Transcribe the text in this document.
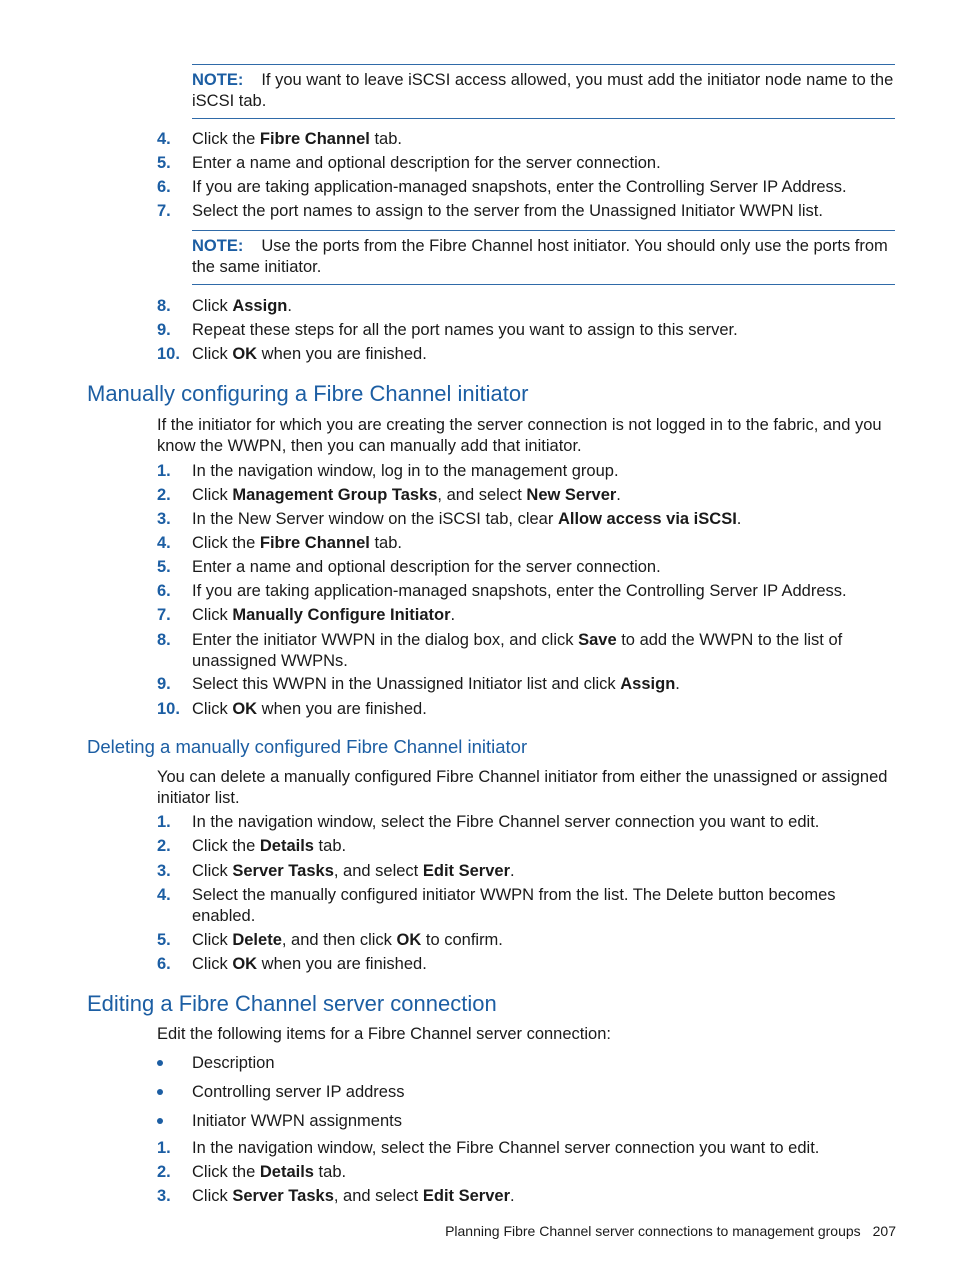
NOTE: If you want to leave iSCSI access allowed, you must add the initiator node name to the iSCSI tab.
4. Click the Fibre Channel tab.
5. Enter a name and optional description for the server connection.
6. If you are taking application-managed snapshots, enter the Controlling Server IP Address.
7. Select the port names to assign to the server from the Unassigned Initiator WWPN list.
NOTE: Use the ports from the Fibre Channel host initiator. You should only use the ports from the same initiator.
8. Click Assign.
9. Repeat these steps for all the port names you want to assign to this server.
10. Click OK when you are finished.
Manually configuring a Fibre Channel initiator
If the initiator for which you are creating the server connection is not logged in to the fabric, and you know the WWPN, then you can manually add that initiator.
1. In the navigation window, log in to the management group.
2. Click Management Group Tasks, and select New Server.
3. In the New Server window on the iSCSI tab, clear Allow access via iSCSI.
4. Click the Fibre Channel tab.
5. Enter a name and optional description for the server connection.
6. If you are taking application-managed snapshots, enter the Controlling Server IP Address.
7. Click Manually Configure Initiator.
8. Enter the initiator WWPN in the dialog box, and click Save to add the WWPN to the list of unassigned WWPNs.
9. Select this WWPN in the Unassigned Initiator list and click Assign.
10. Click OK when you are finished.
Deleting a manually configured Fibre Channel initiator
You can delete a manually configured Fibre Channel initiator from either the unassigned or assigned initiator list.
1. In the navigation window, select the Fibre Channel server connection you want to edit.
2. Click the Details tab.
3. Click Server Tasks, and select Edit Server.
4. Select the manually configured initiator WWPN from the list. The Delete button becomes enabled.
5. Click Delete, and then click OK to confirm.
6. Click OK when you are finished.
Editing a Fibre Channel server connection
Edit the following items for a Fibre Channel server connection:
Description
Controlling server IP address
Initiator WWPN assignments
1. In the navigation window, select the Fibre Channel server connection you want to edit.
2. Click the Details tab.
3. Click Server Tasks, and select Edit Server.
Planning Fibre Channel server connections to management groups 207
